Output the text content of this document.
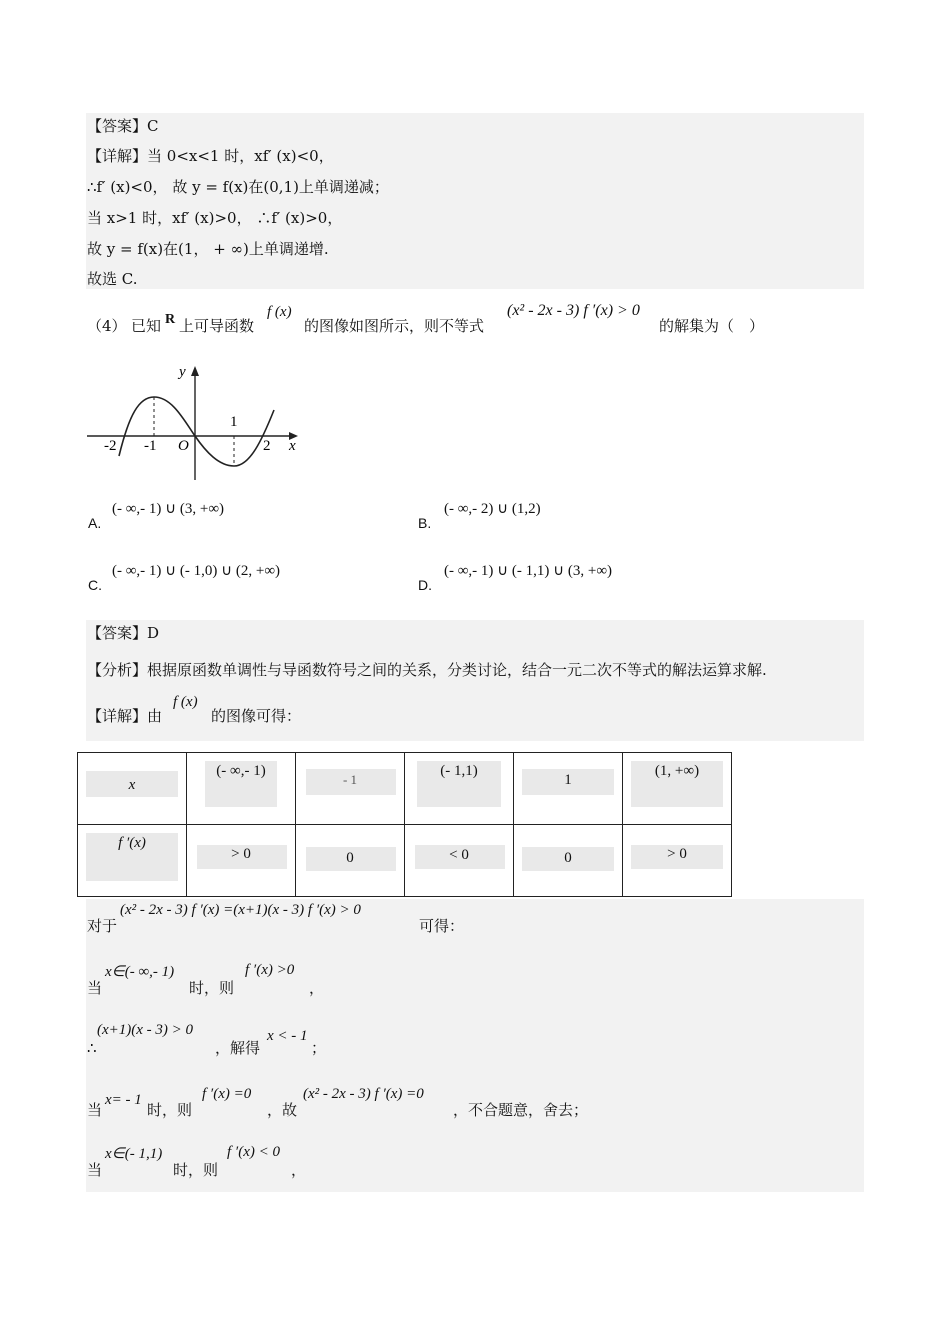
【答案】C
【详解】当 0<x<1 时，xf′ (x)<0，
∴f′ (x)<0， 故 y = f(x)在(0,1)上单调递减；
当 x>1 时，xf′ (x)>0， ∴f′ (x)>0，
故 y = f(x)在(1， + ∞)上单调递增.
故选 C.
（4） 已知 R 上可导函数
f (x)
的图像如图所示，则不等式
(x² - 2x - 3) f ′(x) > 0
的解集为（　）
y
x
O
-2 -1
1
2
A.
(- ∞,- 1) ∪ (3, +∞)
B.
(- ∞,- 2) ∪ (1,2)
C.
(- ∞,- 1) ∪ (- 1,0) ∪ (2, +∞)
D.
(- ∞,- 1) ∪ (- 1,1) ∪ (3, +∞)
【答案】D
【分析】根据原函数单调性与导函数符号之间的关系，分类讨论，结合一元二次不等式的解法运算求解.
【详解】 由
f (x)
的图像可得：
x	(- ∞,- 1)	- 1	(- 1,1)	1	(1, +∞)

f ′(x)	> 0	0	< 0	0	> 0
对于
(x² - 2x - 3) f ′(x) =(x+1)(x - 3) f ′(x) > 0
可得：
当
x∈(- ∞,- 1)
时，则
f ′(x) >0
，
∴
(x+1)(x - 3) > 0
，解得
x < - 1
；
当
x= - 1
时，则
f ′(x) =0
，故
(x² - 2x - 3) f ′(x) =0
，不合题意，舍去；
当
x∈(- 1,1)
时，则
f ′(x) < 0
，
